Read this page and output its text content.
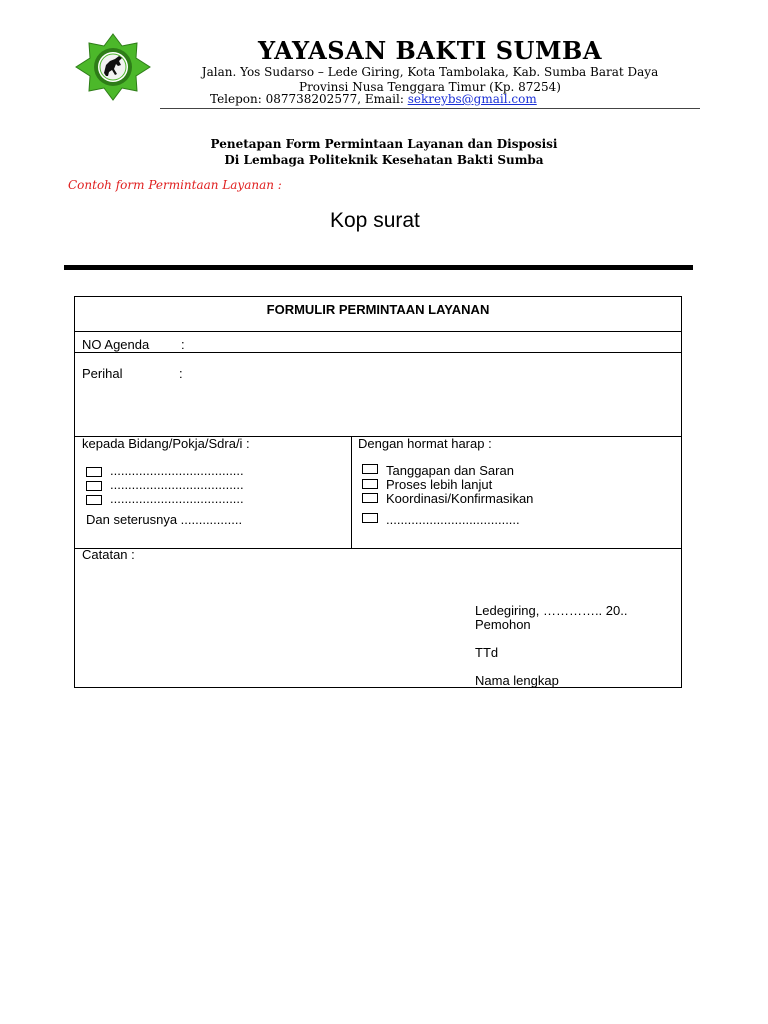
YAYASAN BAKTI SUMBA
Jalan. Yos Sudarso – Lede Giring, Kota Tambolaka, Kab. Sumba Barat Daya
Provinsi Nusa Tenggara Timur (Kp. 87254)
Telepon: 087738202577, Email: sekreybs@gmail.com
Penetapan Form Permintaan Layanan dan Disposisi
Di Lembaga Politeknik Kesehatan Bakti Sumba
Contoh form Permintaan Layanan :
Kop surat
FORMULIR PERMINTAAN LAYANAN
NO Agenda :
Perihal	:
kepada Bidang/Pokja/Sdra/i :
.....................................
.....................................
.....................................
Dan seterusnya .................
Dengan hormat harap :
Tanggapan dan Saran
Proses lebih lanjut
Koordinasi/Konfirmasikan
.....................................
Catatan :
Ledegiring, ………….. 20..
Pemohon
TTd
Nama lengkap
